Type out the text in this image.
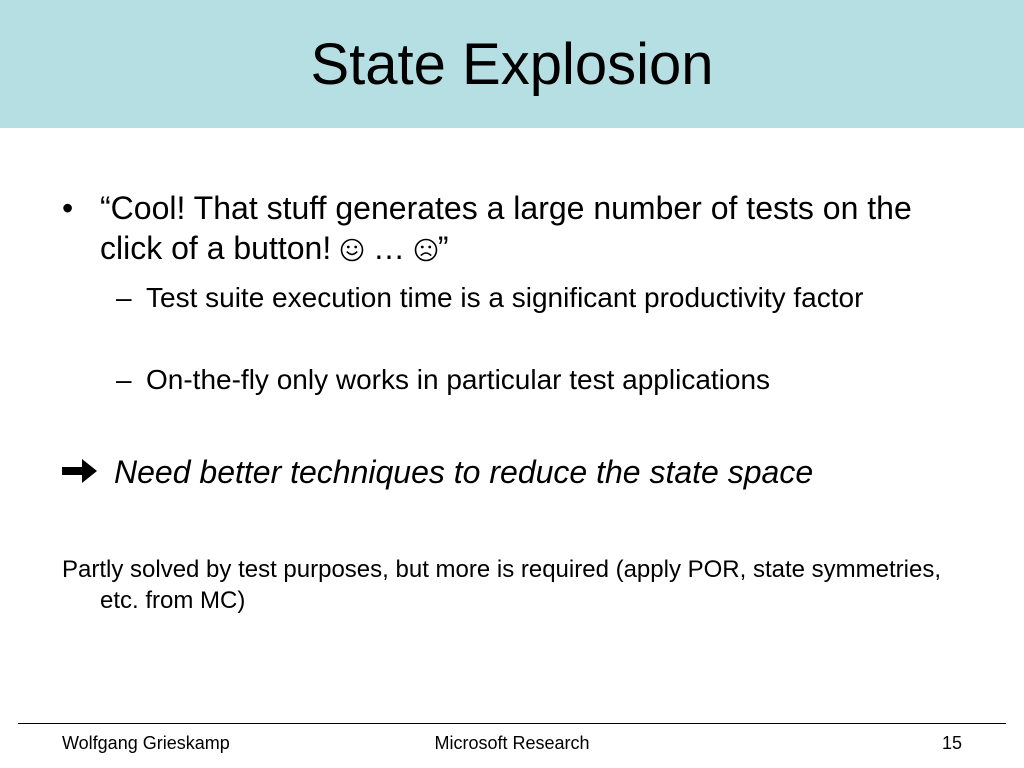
State Explosion
• “Cool! That stuff generates a large number of tests on the click of a button! … ”
– Test suite execution time is a significant productivity factor
– On-the-fly only works in particular test applications
Need better techniques to reduce the state space
Partly solved by test purposes, but more is required (apply POR, state symmetries, etc. from MC)
Wolfgang Grieskamp	Microsoft Research	15
